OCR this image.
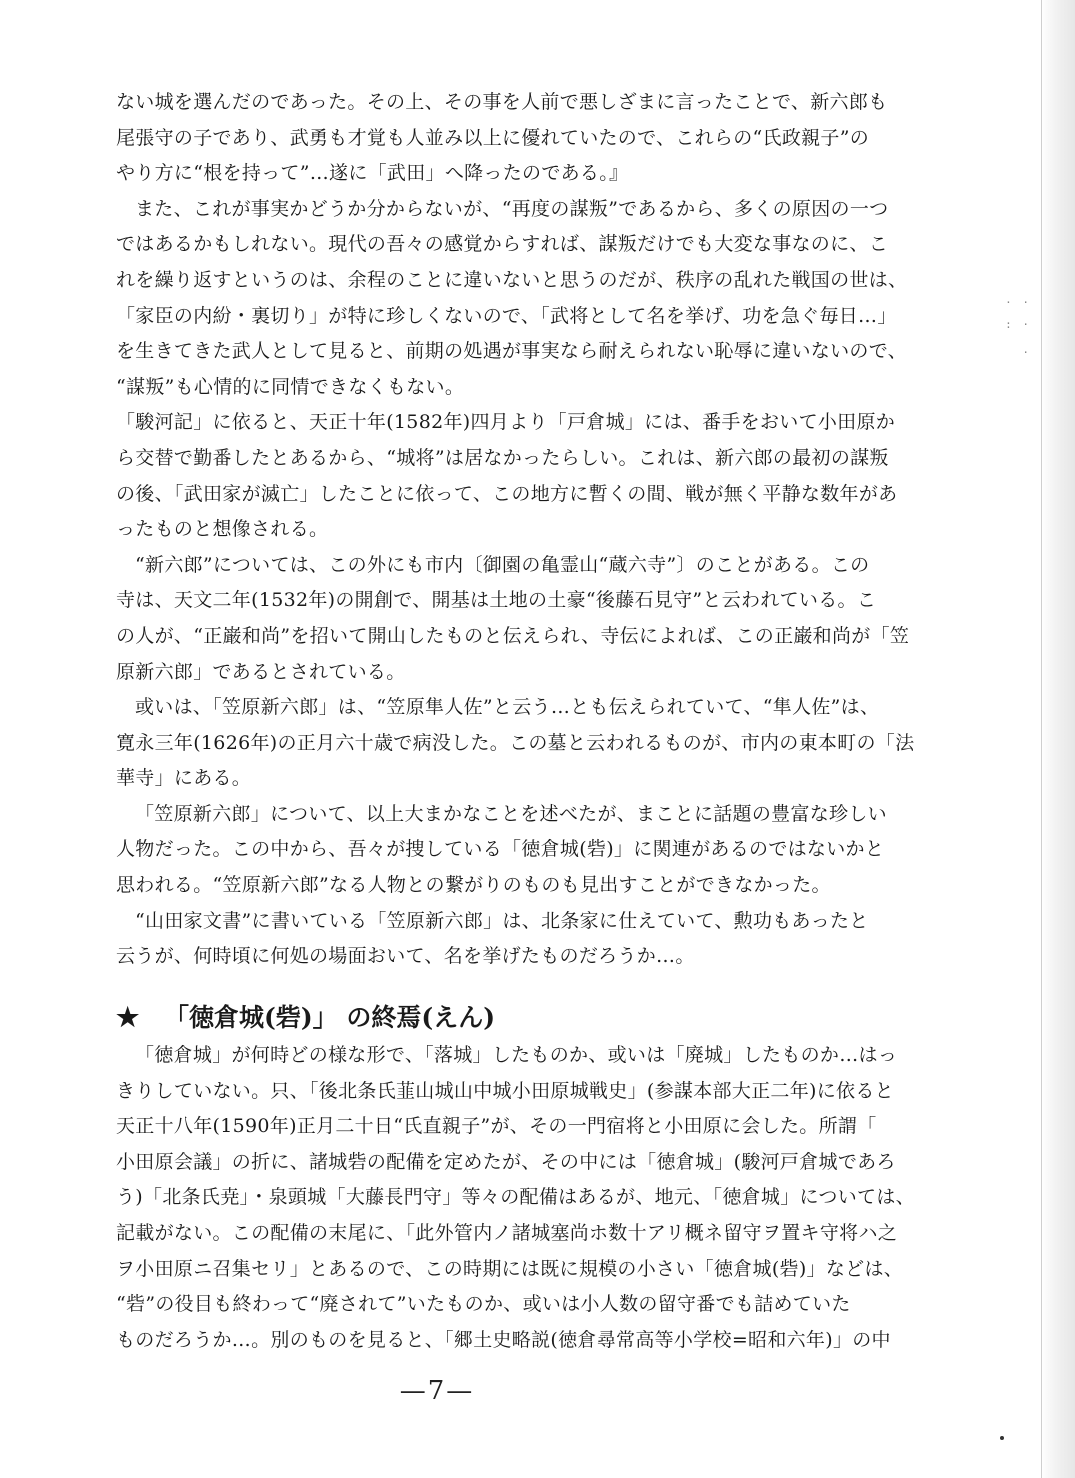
· ·
: ·
·
ない城を選んだのであった。その上、その事を人前で悪しざまに言ったことで、新六郎も
尾張守の子であり、武勇も才覚も人並み以上に優れていたので、これらの“氏政親子”の
やり方に“根を持って”…遂に「武田」へ降ったのである。』
また、これが事実かどうか分からないが、“再度の謀叛”であるから、多くの原因の一つ
ではあるかもしれない。現代の吾々の感覚からすれば、謀叛だけでも大変な事なのに、こ
れを繰り返すというのは、余程のことに違いないと思うのだが、秩序の乱れた戦国の世は、
「家臣の内紛・裏切り」が特に珍しくないので、「武将として名を挙げ、功を急ぐ毎日…」
を生きてきた武人として見ると、前期の処遇が事実なら耐えられない恥辱に違いないので、
“謀叛”も心情的に同情できなくもない。
「駿河記」に依ると、天正十年(1582年)四月より「戸倉城」には、番手をおいて小田原か
ら交替で勤番したとあるから、“城将”は居なかったらしい。これは、新六郎の最初の謀叛
の後、「武田家が滅亡」したことに依って、この地方に暫くの間、戦が無く平静な数年があ
ったものと想像される。
“新六郎”については、この外にも市内〔御園の亀霊山“蔵六寺”〕のことがある。この
寺は、天文二年(1532年)の開創で、開基は土地の土豪“後藤石見守”と云われている。こ
の人が、“正巌和尚”を招いて開山したものと伝えられ、寺伝によれば、この正巌和尚が「笠
原新六郎」であるとされている。
或いは、「笠原新六郎」は、“笠原隼人佐”と云う…とも伝えられていて、“隼人佐”は、
寛永三年(1626年)の正月六十歳で病没した。この墓と云われるものが、市内の東本町の「法
華寺」にある。
「笠原新六郎」について、以上大まかなことを述べたが、まことに話題の豊富な珍しい
人物だった。この中から、吾々が捜している「徳倉城(砦)」に関連があるのではないかと
思われる。“笠原新六郎”なる人物との繋がりのものも見出すことができなかった。
“山田家文書”に書いている「笠原新六郎」は、北条家に仕えていて、勲功もあったと
云うが、何時頃に何処の場面おいて、名を挙げたものだろうか…。
★ 「徳倉城(砦)」 の終焉(えん)
「徳倉城」が何時どの様な形で、「落城」したものか、或いは「廃城」したものか…はっ
きりしていない。只、「後北条氏韮山城山中城小田原城戦史」(参謀本部大正二年)に依ると
天正十八年(1590年)正月二十日“氏直親子”が、その一門宿将と小田原に会した。所謂「
小田原会議」の折に、諸城砦の配備を定めたが、その中には「徳倉城」(駿河戸倉城であろ
う)「北条氏尭」・泉頭城「大藤長門守」等々の配備はあるが、地元、「徳倉城」については、
記載がない。この配備の末尾に、「此外管内ノ諸城塞尚ホ数十アリ概ネ留守ヲ置キ守将ハ之
ヲ小田原ニ召集セリ」とあるので、この時期には既に規模の小さい「徳倉城(砦)」などは、
“砦”の役目も終わって“廃されて”いたものか、或いは小人数の留守番でも詰めていた
ものだろうか…。別のものを見ると、「郷土史略説(徳倉尋常高等小学校=昭和六年)」の中
—7—
